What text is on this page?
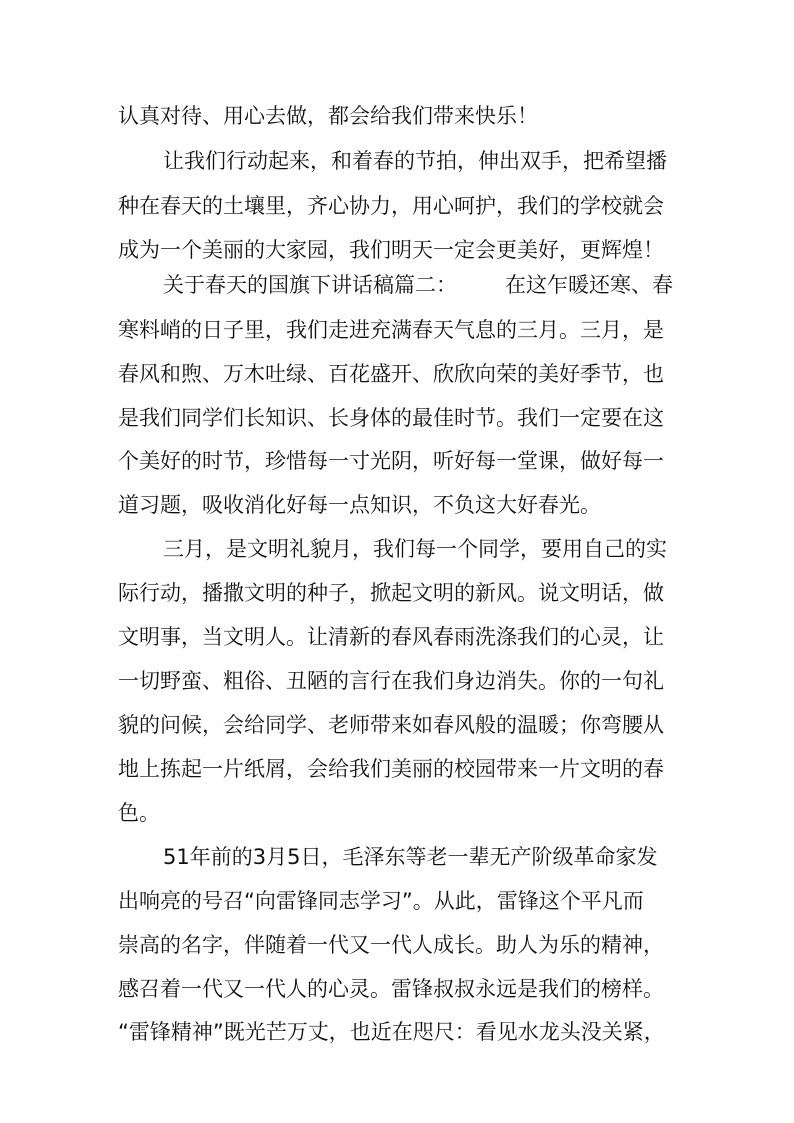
认真对待、用心去做，都会给我们带来快乐！
让我们行动起来，和着春的节拍，伸出双手，把希望播
种在春天的土壤里，齐心协力，用心呵护，我们的学校就会
成为一个美丽的大家园，我们明天一定会更美好，更辉煌！
关于春天的国旗下讲话稿篇二： 在这乍暖还寒、春
寒料峭的日子里，我们走进充满春天气息的三月。三月，是
春风和煦、万木吐绿、百花盛开、欣欣向荣的美好季节，也
是我们同学们长知识、长身体的最佳时节。我们一定要在这
个美好的时节，珍惜每一寸光阴，听好每一堂课，做好每一
道习题，吸收消化好每一点知识，不负这大好春光。
三月，是文明礼貌月，我们每一个同学，要用自己的实
际行动，播撒文明的种子，掀起文明的新风。说文明话，做
文明事，当文明人。让清新的春风春雨洗涤我们的心灵，让
一切野蛮、粗俗、丑陋的言行在我们身边消失。你的一句礼
貌的问候，会给同学、老师带来如春风般的温暖；你弯腰从
地上拣起一片纸屑，会给我们美丽的校园带来一片文明的春
色。
51年前的3月5日，毛泽东等老一辈无产阶级革命家发
出响亮的号召“向雷锋同志学习”。从此，雷锋这个平凡而
崇高的名字，伴随着一代又一代人成长。助人为乐的精神，
感召着一代又一代人的心灵。雷锋叔叔永远是我们的榜样。
“雷锋精神”既光芒万丈，也近在咫尺：看见水龙头没关紧，
